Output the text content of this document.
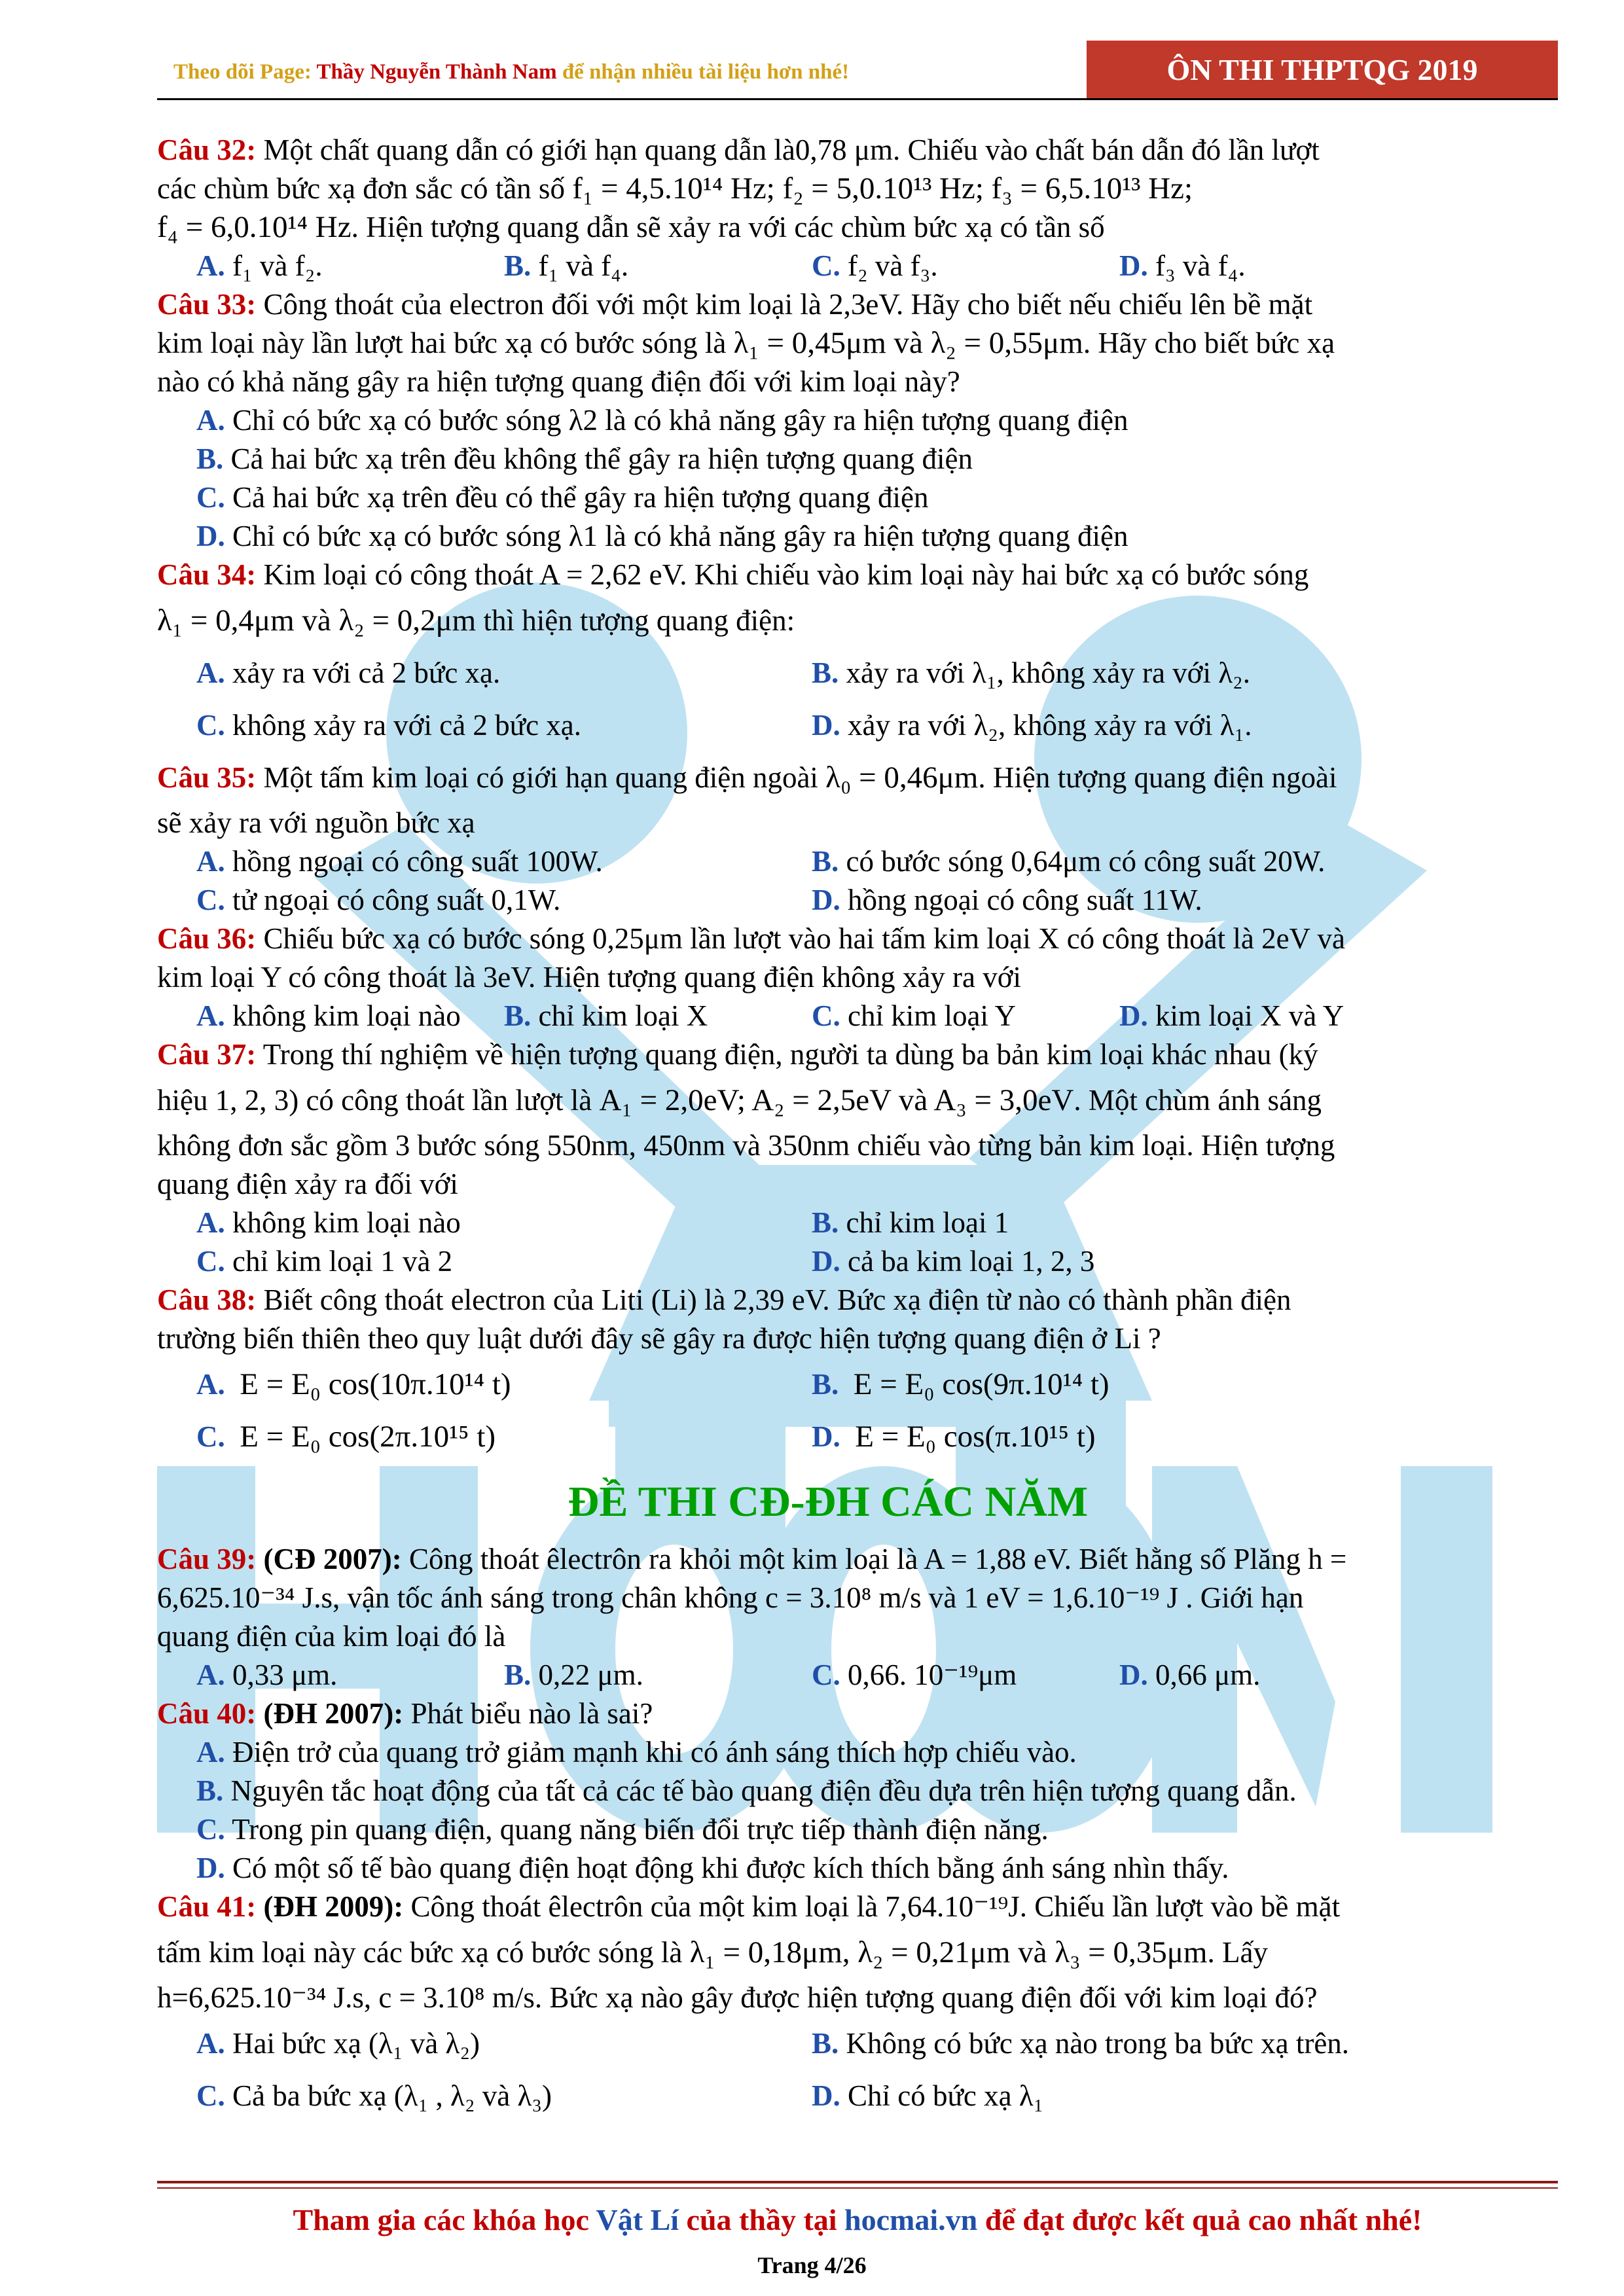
Theo dõi Page: Thầy Nguyễn Thành Nam để nhận nhiều tài liệu hơn nhé!	ÔN THI THPTQG 2019

Câu 32: Một chất quang dẫn có giới hạn quang dẫn là0,78 μm. Chiếu vào chất bán dẫn đó lần lượt

các chùm bức xạ đơn sắc có tần số f₁ = 4,5.10¹⁴ Hz; f₂ = 5,0.10¹³ Hz; f₃ = 6,5.10¹³ Hz;

f₄ = 6,0.10¹⁴ Hz. Hiện tượng quang dẫn sẽ xảy ra với các chùm bức xạ có tần số

A. f₁ và f₂.	B. f₁ và f₄.	C. f₂ và f₃.	D. f₃ và f₄.

Câu 33: Công thoát của electron đối với một kim loại là 2,3eV. Hãy cho biết nếu chiếu lên bề mặt

kim loại này lần lượt hai bức xạ có bước sóng là λ₁ = 0,45μm và λ₂ = 0,55μm. Hãy cho biết bức xạ

nào có khả năng gây ra hiện tượng quang điện đối với kim loại này?

A. Chỉ có bức xạ có bước sóng λ2 là có khả năng gây ra hiện tượng quang điện

B. Cả hai bức xạ trên đều không thể gây ra hiện tượng quang điện

C. Cả hai bức xạ trên đều có thể gây ra hiện tượng quang điện

D. Chỉ có bức xạ có bước sóng λ1 là có khả năng gây ra hiện tượng quang điện

Câu 34: Kim loại có công thoát A = 2,62 eV. Khi chiếu vào kim loại này hai bức xạ có bước sóng

λ₁ = 0,4μm và λ₂ = 0,2μm thì hiện tượng quang điện:

A. xảy ra với cả 2 bức xạ.	B. xảy ra với λ₁, không xảy ra với λ₂.
C. không xảy ra với cả 2 bức xạ.	D. xảy ra với λ₂, không xảy ra với λ₁.

Câu 35: Một tấm kim loại có giới hạn quang điện ngoài λ₀ = 0,46μm. Hiện tượng quang điện ngoài

sẽ xảy ra với nguồn bức xạ

A. hồng ngoại có công suất 100W.	B. có bước sóng 0,64μm có công suất 20W.
C. tử ngoại có công suất 0,1W.	D. hồng ngoại có công suất 11W.

Câu 36: Chiếu bức xạ có bước sóng 0,25μm lần lượt vào hai tấm kim loại X có công thoát là 2eV và

kim loại Y có công thoát là 3eV. Hiện tượng quang điện không xảy ra với

A. không kim loại nào	B. chỉ kim loại X	C. chỉ kim loại Y	D. kim loại X và Y

Câu 37: Trong thí nghiệm về hiện tượng quang điện, người ta dùng ba bản kim loại khác nhau (ký

hiệu 1, 2, 3) có công thoát lần lượt là A₁ = 2,0eV; A₂ = 2,5eV và A₃ = 3,0eV. Một chùm ánh sáng

không đơn sắc gồm 3 bước sóng 550nm, 450nm và 350nm chiếu vào từng bản kim loại. Hiện tượng

quang điện xảy ra đối với

A. không kim loại nào	B. chỉ kim loại 1
C. chỉ kim loại 1 và 2	D. cả ba kim loại 1, 2, 3

Câu 38: Biết công thoát electron của Liti (Li) là 2,39 eV. Bức xạ điện từ nào có thành phần điện

trường biến thiên theo quy luật dưới đây sẽ gây ra được hiện tượng quang điện ở Li ?

A. E = E₀ cos(10π.10¹⁴ t)	B. E = E₀ cos(9π.10¹⁴ t)
C. E = E₀ cos(2π.10¹⁵ t)	D. E = E₀ cos(π.10¹⁵ t)
ĐỀ THI CĐ-ĐH CÁC NĂM

Câu 39: (CĐ 2007): Công thoát êlectrôn ra khỏi một kim loại là A = 1,88 eV. Biết hằng số Plăng h =

6,625.10⁻³⁴ J.s, vận tốc ánh sáng trong chân không c = 3.10⁸ m/s và 1 eV = 1,6.10⁻¹⁹ J . Giới hạn

quang điện của kim loại đó là

A. 0,33 μm.	B. 0,22 μm.	C. 0,66. 10⁻¹⁹μm	D. 0,66 μm.

Câu 40: (ĐH 2007): Phát biểu nào là sai?

A. Điện trở của quang trở giảm mạnh khi có ánh sáng thích hợp chiếu vào.

B. Nguyên tắc hoạt động của tất cả các tế bào quang điện đều dựa trên hiện tượng quang dẫn.

C. Trong pin quang điện, quang năng biến đổi trực tiếp thành điện năng.

D. Có một số tế bào quang điện hoạt động khi được kích thích bằng ánh sáng nhìn thấy.

Câu 41: (ĐH 2009): Công thoát êlectrôn của một kim loại là 7,64.10⁻¹⁹J. Chiếu lần lượt vào bề mặt

tấm kim loại này các bức xạ có bước sóng là λ₁ = 0,18μm, λ₂ = 0,21μm và λ₃ = 0,35μm. Lấy

h=6,625.10⁻³⁴ J.s, c = 3.10⁸ m/s. Bức xạ nào gây được hiện tượng quang điện đối với kim loại đó?

A. Hai bức xạ (λ₁ và λ₂)	B. Không có bức xạ nào trong ba bức xạ trên.
C. Cả ba bức xạ (λ₁ , λ₂ và λ₃)	D. Chỉ có bức xạ λ₁
Tham gia các khóa học Vật Lí của thầy tại hocmai.vn để đạt được kết quả cao nhất nhé!
Trang 4/26
